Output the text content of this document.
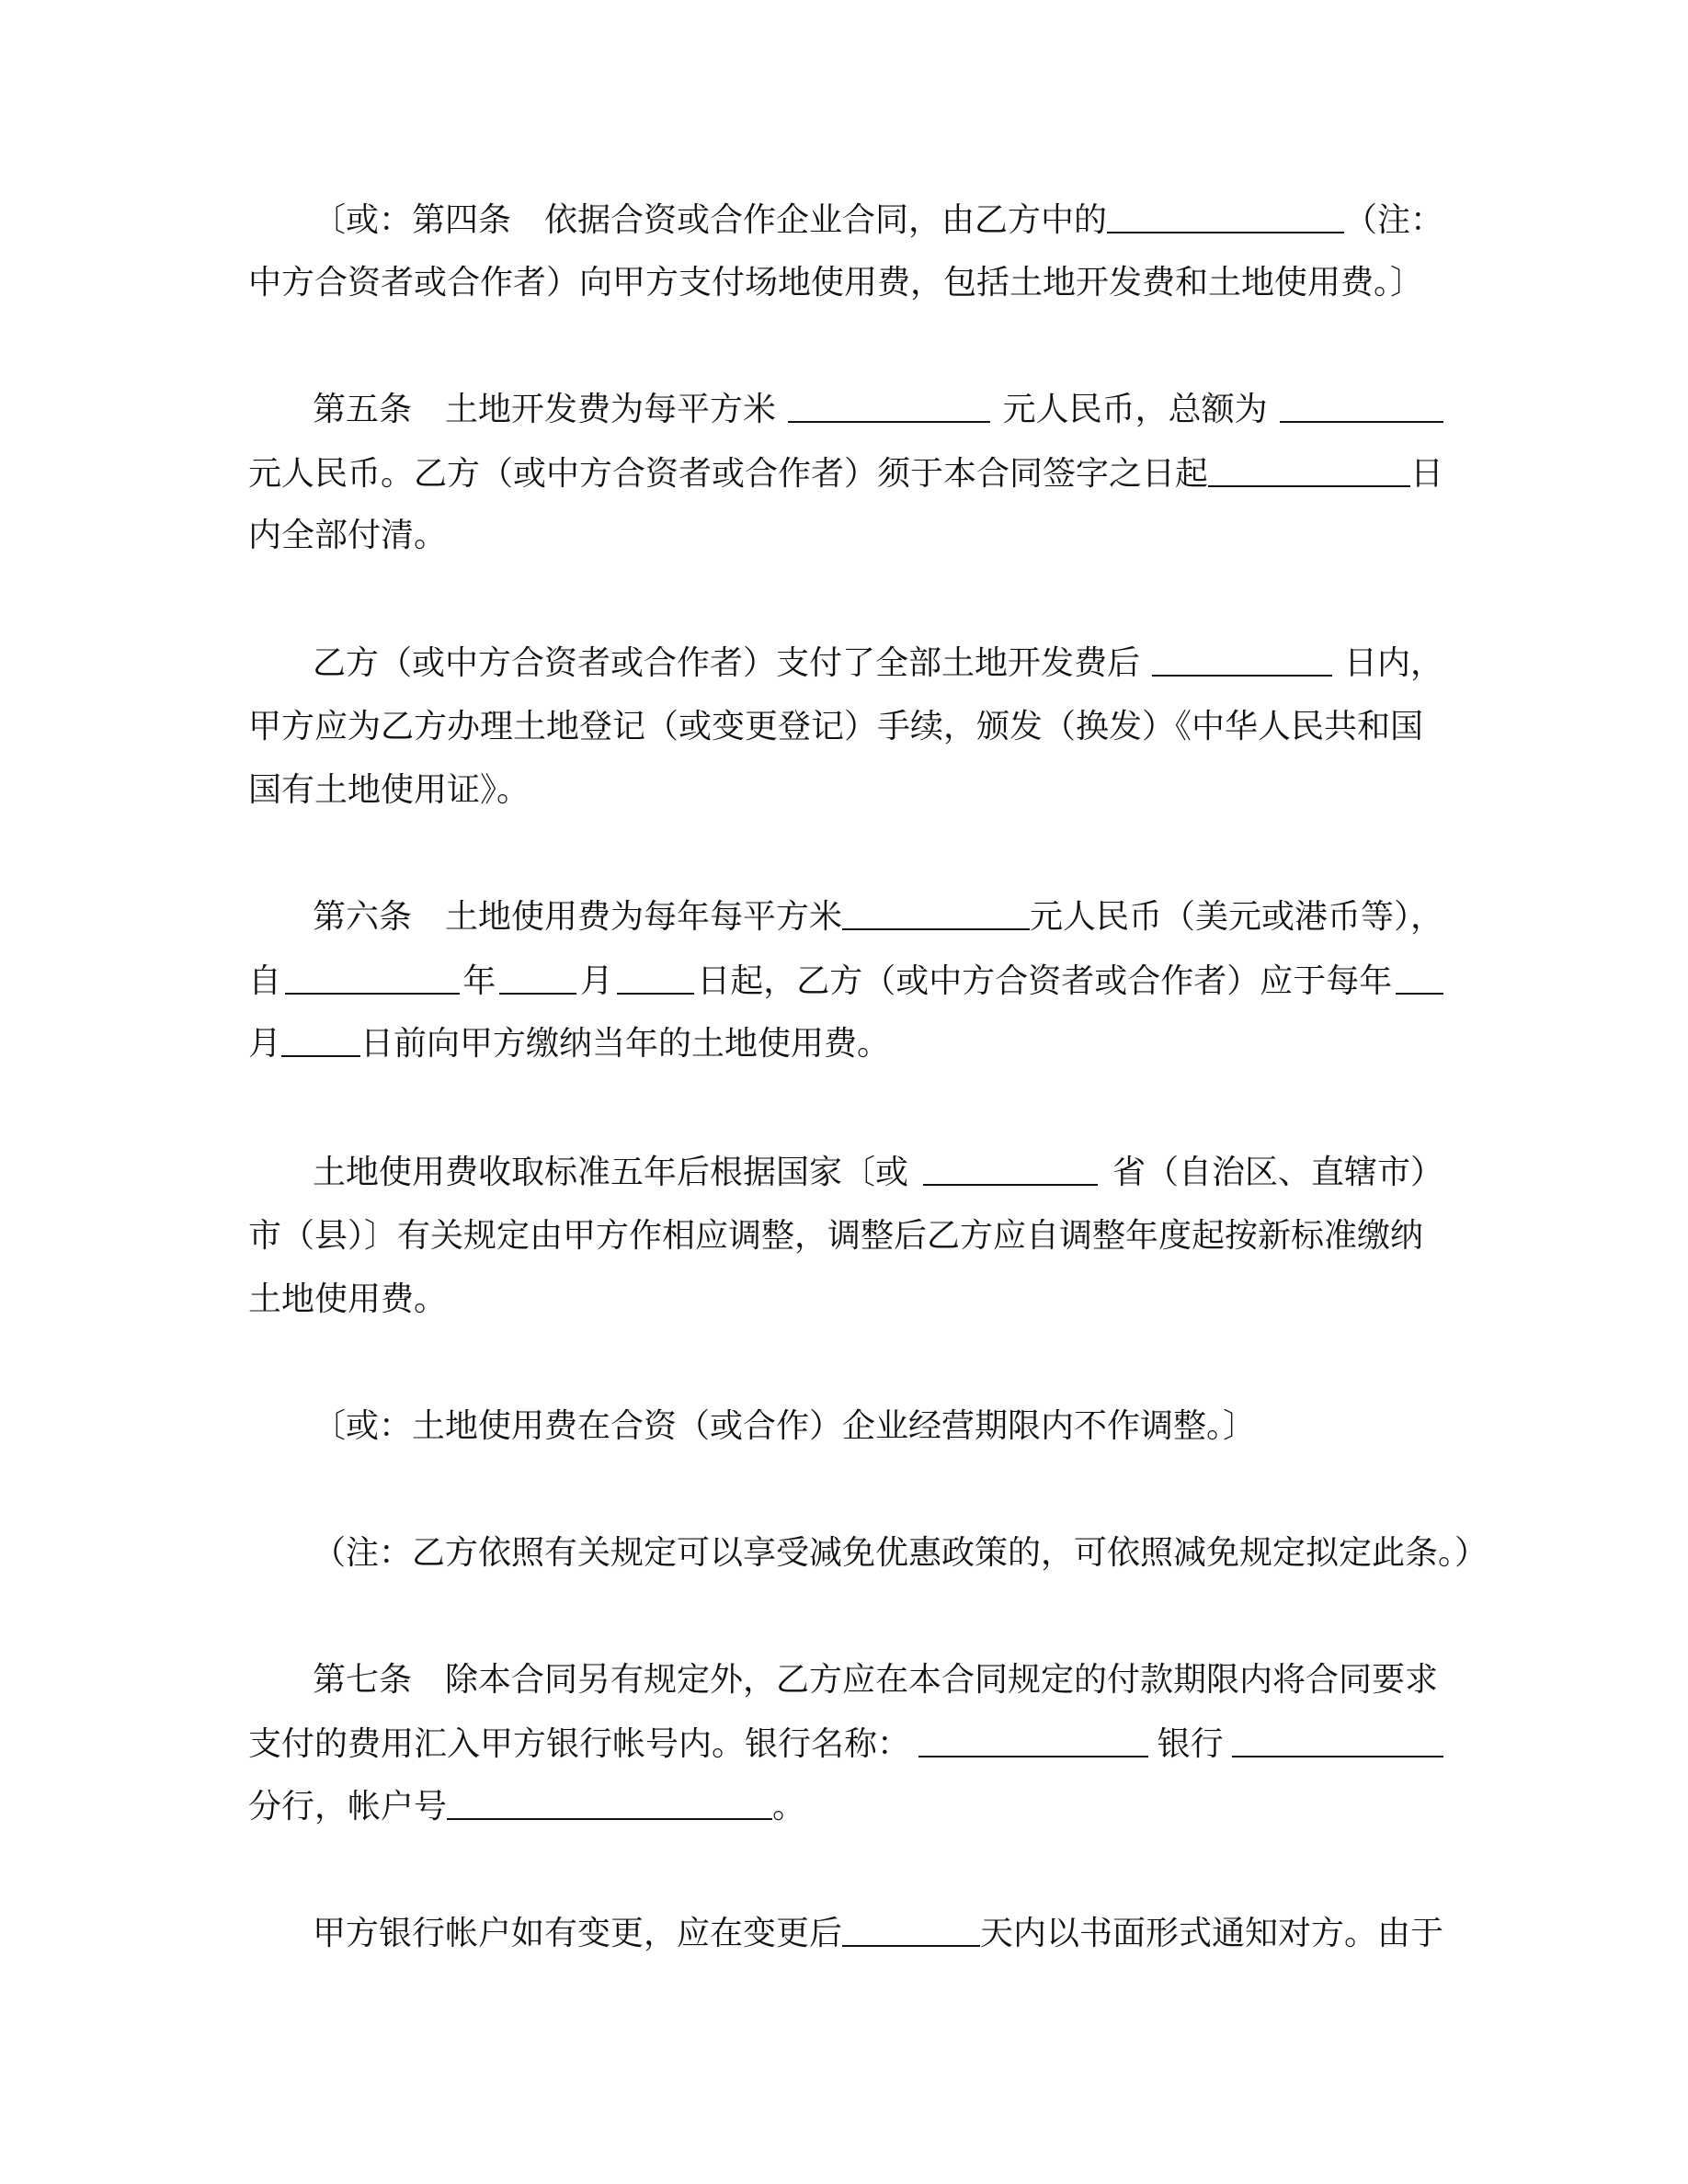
〔或：第四条　依据合资或合作企业合同，由乙方中的	（注：
中方合资者或合作者）向甲方支付场地使用费，包括土地开发费和土地使用费。〕
第五条　土地开发费为每平方米	元人民币，总额为
元人民币。乙方（或中方合资者或合作者）须于本合同签字之日起	日
内全部付清。
乙方（或中方合资者或合作者）支付了全部土地开发费后	日内，
甲方应为乙方办理土地登记（或变更登记）手续，颁发（换发）《中华人民共和国
国有土地使用证》。
第六条　土地使用费为每年每平方米	元人民币（美元或港币等），
自	年	月	日起，乙方（或中方合资者或合作者）应于每年
月 日前向甲方缴纳当年的土地使用费。
土地使用费收取标准五年后根据国家〔或	省（自治区、直辖市）
市（县）〕有关规定由甲方作相应调整，调整后乙方应自调整年度起按新标准缴纳
土地使用费。
〔或：土地使用费在合资（或合作）企业经营期限内不作调整。〕
（注：乙方依照有关规定可以享受减免优惠政策的，可依照减免规定拟定此条。）
第七条　除本合同另有规定外，乙方应在本合同规定的付款期限内将合同要求
支付的费用汇入甲方银行帐号内。银行名称：	银行
分行，帐户号	。
甲方银行帐户如有变更，应在变更后	天内以书面形式通知对方。由于
